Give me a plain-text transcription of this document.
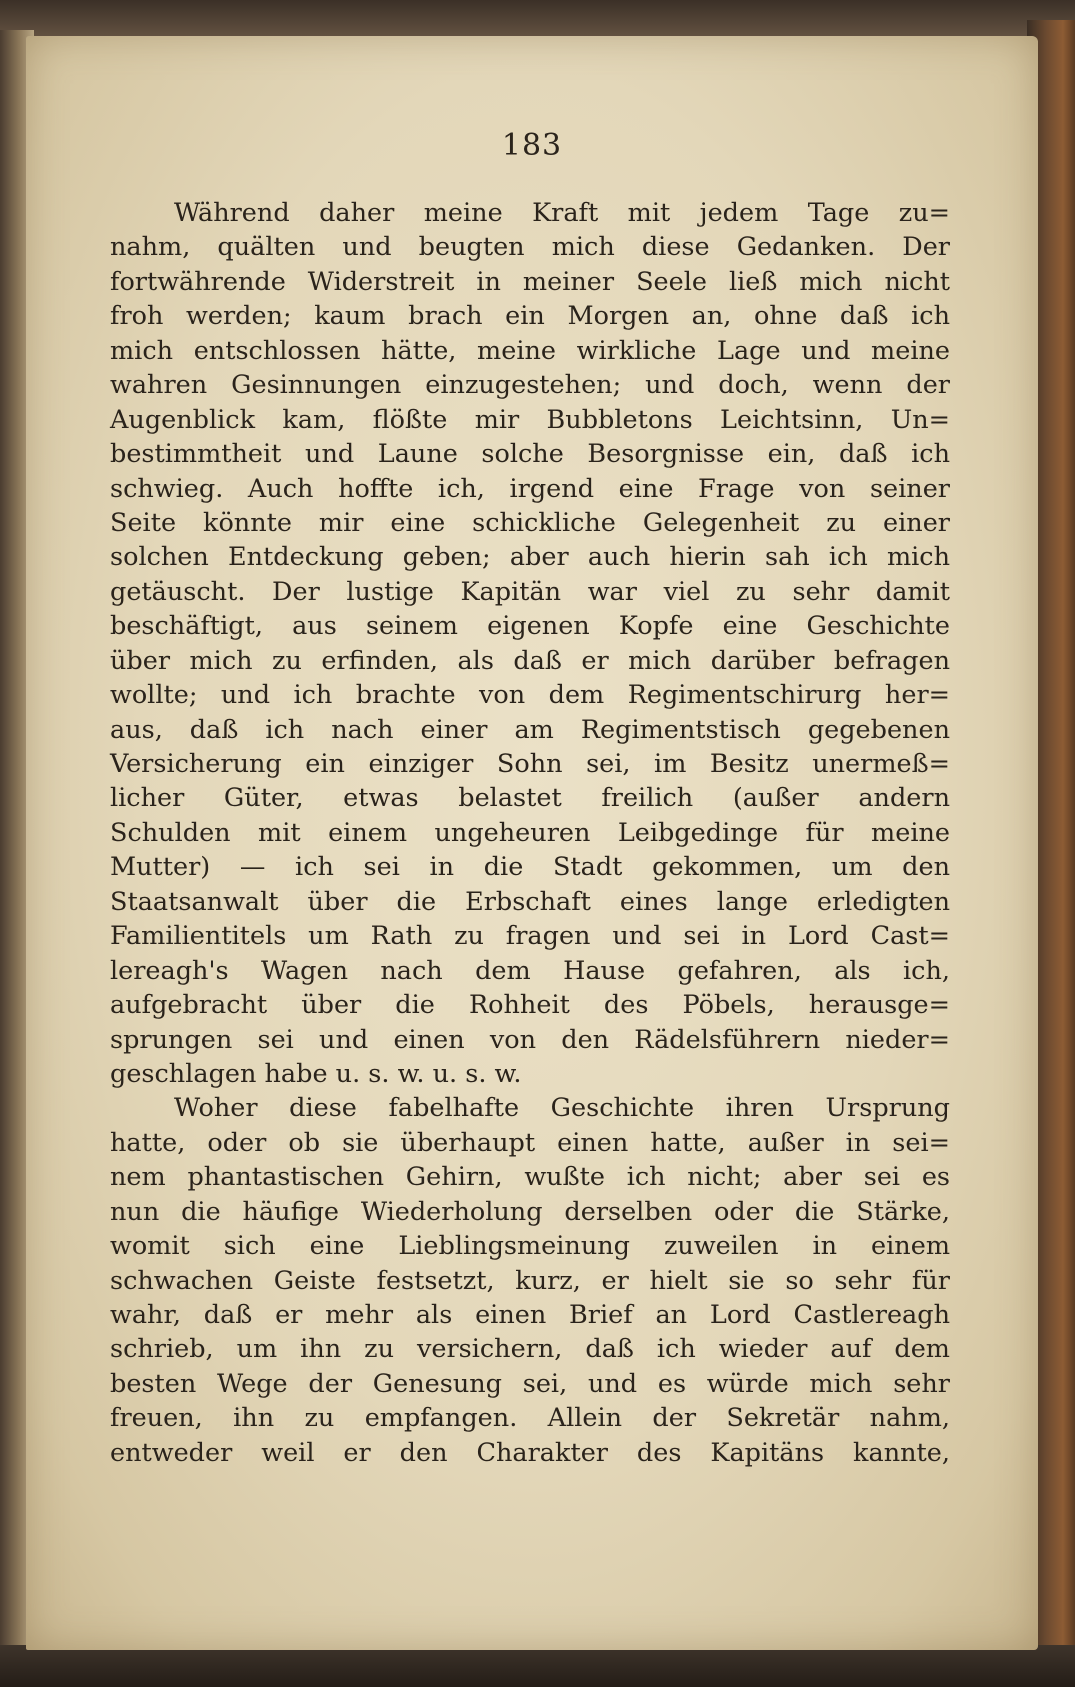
183
Während daher meine Kraft mit jedem Tage zu=
nahm, quälten und beugten mich diese Gedanken. Der
fortwährende Widerstreit in meiner Seele ließ mich nicht
froh werden; kaum brach ein Morgen an, ohne daß ich
mich entschlossen hätte, meine wirkliche Lage und meine
wahren Gesinnungen einzugestehen; und doch, wenn der
Augenblick kam, flößte mir Bubbletons Leichtsinn, Un=
bestimmtheit und Laune solche Besorgnisse ein, daß ich
schwieg. Auch hoffte ich, irgend eine Frage von seiner
Seite könnte mir eine schickliche Gelegenheit zu einer
solchen Entdeckung geben; aber auch hierin sah ich mich
getäuscht. Der lustige Kapitän war viel zu sehr damit
beschäftigt, aus seinem eigenen Kopfe eine Geschichte
über mich zu erfinden, als daß er mich darüber befragen
wollte; und ich brachte von dem Regimentschirurg her=
aus, daß ich nach einer am Regimentstisch gegebenen
Versicherung ein einziger Sohn sei, im Besitz unermeß=
licher Güter, etwas belastet freilich (außer andern
Schulden mit einem ungeheuren Leibgedinge für meine
Mutter) — ich sei in die Stadt gekommen, um den
Staatsanwalt über die Erbschaft eines lange erledigten
Familientitels um Rath zu fragen und sei in Lord Cast=
lereagh's Wagen nach dem Hause gefahren, als ich,
aufgebracht über die Rohheit des Pöbels, herausge=
sprungen sei und einen von den Rädelsführern nieder=
geschlagen habe u. s. w. u. s. w.
Woher diese fabelhafte Geschichte ihren Ursprung
hatte, oder ob sie überhaupt einen hatte, außer in sei=
nem phantastischen Gehirn, wußte ich nicht; aber sei es
nun die häufige Wiederholung derselben oder die Stärke,
womit sich eine Lieblingsmeinung zuweilen in einem
schwachen Geiste festsetzt, kurz, er hielt sie so sehr für
wahr, daß er mehr als einen Brief an Lord Castlereagh
schrieb, um ihn zu versichern, daß ich wieder auf dem
besten Wege der Genesung sei, und es würde mich sehr
freuen, ihn zu empfangen. Allein der Sekretär nahm,
entweder weil er den Charakter des Kapitäns kannte,
